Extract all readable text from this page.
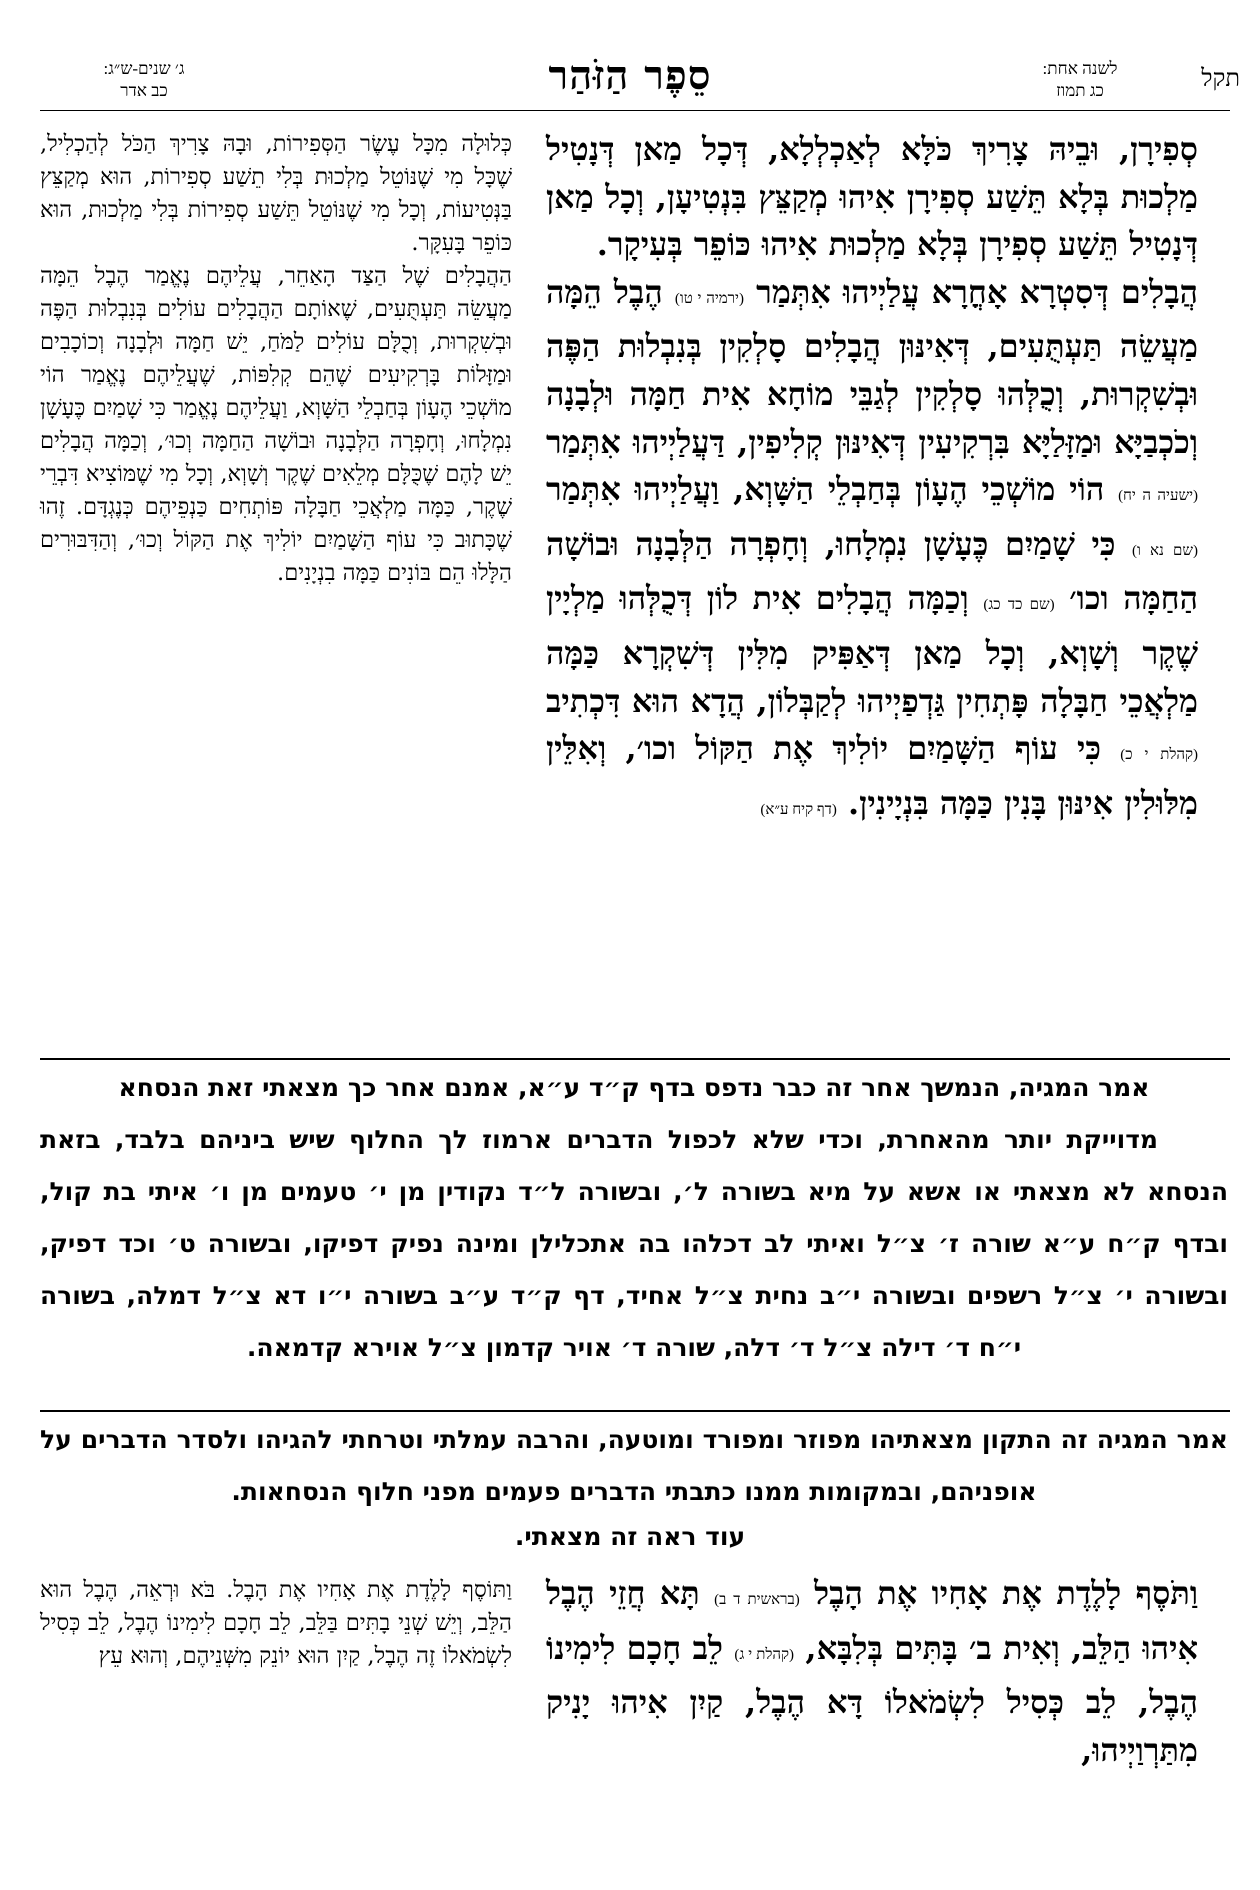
תקל
לשנה אחת:
כג תמוז
סֵפֶר הַזֹּהַר
ג׳ שנים-ש״ג:
כב אדר

סְפִירָן, וּבֵיהּ צָרִיךְ כֹּלָּא לְאַכְלְלָא, דְּכָל מַאן דְּנָטִיל מַלְכוּת בְּלָא תֵּשַׁע סְפִירָן אִיהוּ מְקַצֵּץ בִּנְטִיעָן, וְכָל מַאן דְּנָטִיל תֵּשַׁע סְפִירָן בְּלָא מַלְכוּת אִיהוּ כּוֹפֵר בְּעִיקָר.

הֲבָלִים דְּסִטְרָא אָחֳרָא עֲלַיְיהוּ אִתְּמַר (ירמיה י טו) הֶבֶל הֵמָּה מַעֲשֵׂה תַּעְתֻּעִים, דְּאִינּוּן הֲבָלִים סָלְקִין בְּנִבְלוּת הַפֶּה וּבְשִׁקְרוּת, וְכֻלְּהוּ סָלְקִין לְגַבֵּי מוֹחָא אִית חַמָּה וּלְבָנָה וְכֹכְבַיָּא וּמַזָּלַיָּא בִּרְקִיעִין דְּאִינּוּן קְלִיפִין, דַּעֲלַיְיהוּ אִתְּמַר (ישעיה ה יח) הוֹי מוֹשְׁכֵי הֶעָוֹן בְּחַבְלֵי הַשָּׁוְא, וַעֲלַיְיהוּ אִתְּמַר (שם נא ו) כִּי שָׁמַיִם כֶּעָשָׁן נִמְלָחוּ, וְחָפְרָה הַלְּבָנָה וּבוֹשָׁה הַחַמָּה וכו׳ (שם כד כג) וְכַמָּה הֲבָלִים אִית לוֹן דְּכֻלְּהוּ מַלְיָין שֶׁקֶר וְשָׁוְא, וְכָל מַאן דְּאַפִּיק מִלִּין דְּשִׁקְרָא כַּמָּה מַלְאֲכֵי חַבָּלָה פָּתְחִין גַּדְפַיְיהוּ לְקַבְּלוֹן, הֲדָא הוּא דִּכְתִיב (קהלת י כ) כִּי עוֹף הַשָּׁמַיִם יוֹלִיךְ אֶת הַקּוֹל וכו׳, וְאִלֵּין מִלּוּלִין אִינּוּן בָּנִין כַּמָּה בִּנְיָינִין. (דף קיח ע״א)

כְּלוּלָה מִכָּל עֶשֶׂר הַסְּפִירוֹת, וּבָהּ צָרִיךְ הַכֹּל לְהַכְלִיל, שֶׁכָּל מִי שֶׁנּוֹטֵל מַלְכוּת בְּלִי תֵשַׁע סְפִירוֹת, הוּא מְקַצֵּץ בַּנְּטִיעוֹת, וְכָל מִי שֶׁנּוֹטֵל תֵּשַׁע סְפִירוֹת בְּלִי מַלְכוּת, הוּא כּוֹפֵר בָּעִקָּר.

הַהֲבָלִים שֶׁל הַצַּד הָאַחֵר, עֲלֵיהֶם נֶאֱמַר הֶבֶל הֵמָּה מַעֲשֵׂה תַּעְתֻּעִים, שֶׁאוֹתָם הַהֲבָלִים עוֹלִים בְּנִבְלוּת הַפֶּה וּבְשִׁקְרוּת, וְכֻלָּם עוֹלִים לַמֹּחַ, יֵשׁ חַמָּה וּלְבָנָה וְכוֹכָבִים וּמַזָּלוֹת בָּרְקִיעִים שֶׁהֵם קְלִפּוֹת, שֶׁעֲלֵיהֶם נֶאֱמַר הוֹי מוֹשְׁכֵי הֶעָוֹן בְּחַבְלֵי הַשָּׁוְא, וַעֲלֵיהֶם נֶאֱמַר כִּי שָׁמַיִם כֶּעָשָׁן נִמְלָחוּ, וְחָפְרָה הַלְּבָנָה וּבוֹשָׁה הַחַמָּה וְכוּ׳, וְכַמָּה הֲבָלִים יֵשׁ לָהֶם שֶׁכֻּלָּם מְלֵאִים שֶׁקֶר וְשָׁוְא, וְכָל מִי שֶׁמּוֹצִיא דִּבְרֵי שֶׁקֶר, כַּמָּה מַלְאֲכֵי חַבָּלָה פּוֹתְחִים כַּנְפֵיהֶם כְּנֶגְדָּם. זֶהוּ שֶׁכָּתוּב כִּי עוֹף הַשָּׁמַיִם יוֹלִיךְ אֶת הַקּוֹל וְכוּ׳, וְהַדִּבּוּרִים הַלָּלוּ הֵם בּוֹנִים כַּמָּה בִנְיָנִים.

אמר המגיה, הנמשך אחר זה כבר נדפס בדף ק״ד ע״א, אמנם אחר כך מצאתי זאת הנסחא

מדוייקת יותר מהאחרת, וכדי שלא לכפול הדברים ארמוז לך החלוף שיש ביניהם בלבד, בזאת הנסחא לא מצאתי או אשא על מיא בשורה ל׳, ובשורה ל״ד נקודין מן י׳ טעמים מן ו׳ איתי בת קול, ובדף ק״ח ע״א שורה ז׳ צ״ל ואיתי לב דכלהו בה אתכלילן ומינה נפיק דפיקו, ובשורה ט׳ וכד דפיק, ובשורה י׳ צ״ל רשפים ובשורה י״ב נחית צ״ל אחיד, דף ק״ד ע״ב בשורה י״ו דא צ״ל דמלה, בשורה י״ח ד׳ דילה צ״ל ד׳ דלה, שורה ד׳ אויר קדמון צ״ל אוירא קדמאה.

אמר המגיה זה התקון מצאתיהו מפוזר ומפורד ומוטעה, והרבה עמלתי וטרחתי להגיהו ולסדר הדברים על אופניהם, ובמקומות ממנו כתבתי הדברים פעמים מפני חלוף הנסחאות.

עוד ראה זה מצאתי.

וַתֹּסֶף לָלֶדֶת אֶת אָחִיו אֶת הָבֶל (בראשית ד ב) תָּא חֲזֵי הֶבֶל אִיהוּ הַלֵּב, וְאִית ב׳ בָּתִּים בְּלִבָּא, (קהלת י ג) לֵב חָכָם לִימִינוֹ הֶבֶל, לֵב כְּסִיל לִשְׂמֹאלוֹ דָּא הֶבֶל, קַיִן אִיהוּ יָנִיק מִתַּרְוַיְיהוּ,

וַתּוֹסֶף לָלֶדֶת אֶת אָחִיו אֶת הָבֶל. בֹּא וּרְאֵה, הֶבֶל הוּא הַלֵּב, וְיֵשׁ שְׁנֵי בָתִּים בַּלֵּב, לֵב חָכָם לִימִינוֹ הֶבֶל, לֵב כְּסִיל לִשְׂמֹאלוֹ זֶה הֶבֶל, קַיִן הוּא יוֹנֵק מִשְּׁנֵיהֶם, וְהוּא עֵץ
